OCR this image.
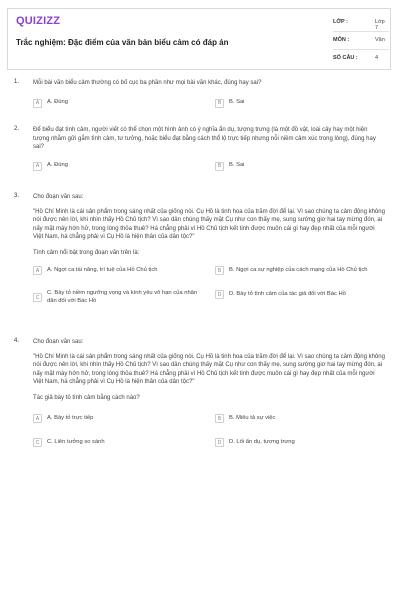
QUIZIZZ
Trắc nghiệm: Đặc điểm của văn bản biểu cảm có đáp án
LỚP :	Lớp 7
MÔN :	Văn
SỐ CÂU :	4
1. Mỗi bài văn biểu cảm thường có bố cục ba phần như mọi bài văn khác, đúng hay sai?

A	A. Đúng	B	B. Sai
2. Để biểu đạt tình cảm, người viết có thể chọn một hình ảnh có ý nghĩa ẩn dụ, tượng trưng (là một đồ vật, loài cây hay một hiện tượng nhằm gửi gắm tình cảm, tư tưởng, hoặc biểu đạt bằng cách thổ lộ trực tiếp nhưng nỗi niềm cảm xúc trong lòng), đúng hay sai?

A	A. Đúng	B	B. Sai
3. Cho đoạn văn sau:

"Hồ Chí Minh là cái sản phẩm trong sáng nhất của giống nòi. Cụ Hồ là tinh hoa của trăm đời để lại. Vì sao chúng ta cảm động không nói được nên lời, khi nhìn thấy Hồ Chủ tịch? Vì sao dân chúng thấy mặt Cụ như con thấy mẹ, sung sướng giơ hai tay mừng đón, ai nấy mặt mày hớn hở, trong lòng thỏa thuê? Há chẳng phải vì Hồ Chủ tịch kết tinh được muôn cái gì hay đẹp nhất của mỗi người Việt Nam, há chẳng phải vì Cụ Hồ là hiện thân của dân tộc?"

Tình cảm nổi bật trong đoạn văn trên là:

A	A. Ngợi ca tài năng, trí tuệ của Hồ Chủ tịch	B	B. Ngợi ca sự nghiệp của cách mạng của Hồ Chủ tịch
C
C. Bày tỏ niềm ngưỡng vọng và kính yêu vô hạn của nhân dân đối với Bác Hồ
D	D. Bày tỏ tình cảm của tác giả đối với Bác Hồ
4. Cho đoạn văn sau:

"Hồ Chí Minh là cái sản phẩm trong sáng nhất của giống nòi. Cụ Hồ là tinh hoa của trăm đời để lại. Vì sao chúng ta cảm động không nói được nên lời, khi nhìn thấy Hồ Chủ tịch? Vì sao dân chúng thấy mặt Cụ như con thấy mẹ, sung sướng giơ hai tay mừng đón, ai nấy mặt mày hớn hở, trong lòng thỏa thuê? Há chẳng phải vì Hồ Chủ tịch kết tinh được muôn cái gì hay đẹp nhất của mỗi người Việt Nam, há chẳng phải vì Cụ Hồ là hiện thân của dân tộc?"

Tác giả bày tỏ tình cảm bằng cách nào?

A	A. Bày tỏ trực tiếp	B	B. Miêu tả sự việc
C	C. Liên tưởng so sánh	D	D. Lối ẩn dụ, tượng trưng
